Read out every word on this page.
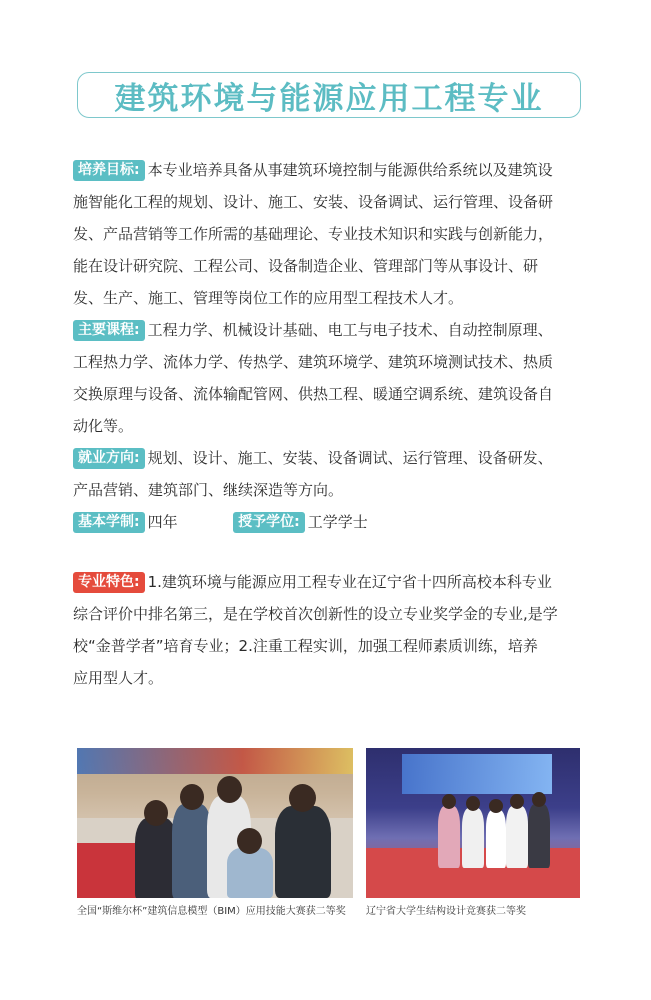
建筑环境与能源应用工程专业
培养目标: 本专业培养具备从事建筑环境控制与能源供给系统以及建筑设
施智能化工程的规划、设计、施工、安装、设备调试、运行管理、设备研
发、产品营销等工作所需的基础理论、专业技术知识和实践与创新能力，
能在设计研究院、工程公司、设备制造企业、管理部门等从事设计、研
发、生产、施工、管理等岗位工作的应用型工程技术人才。
主要课程: 工程力学、机械设计基础、电工与电子技术、自动控制原理、
工程热力学、流体力学、传热学、建筑环境学、建筑环境测试技术、热质
交换原理与设备、流体输配管网、供热工程、暖通空调系统、建筑设备自
动化等。
就业方向: 规划、设计、施工、安装、设备调试、运行管理、设备研发、
产品营销、建筑部门、继续深造等方向。
基本学制: 四年	授予学位: 工学学士
专业特色: 1.建筑环境与能源应用工程专业在辽宁省十四所高校本科专业
综合评价中排名第三，是在学校首次创新性的设立专业奖学金的专业,是学
校“金普学者”培育专业；2.注重工程实训，加强工程师素质训练，培养
应用型人才。
全国“斯维尔杯”建筑信息模型（BIM）应用技能大赛获二等奖 辽宁省大学生结构设计竞赛获二等奖
